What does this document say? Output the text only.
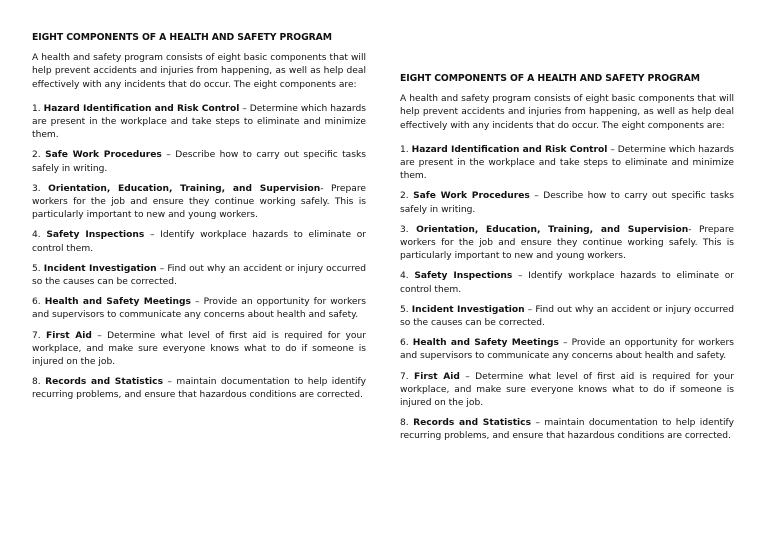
EIGHT COMPONENTS OF A HEALTH AND SAFETY PROGRAM

A health and safety program consists of eight basic components that will help prevent accidents and injuries from happening, as well as help deal effectively with any incidents that do occur. The eight components are:

1. Hazard Identification and Risk Control – Determine which hazards are present in the workplace and take steps to eliminate and minimize them.

2. Safe Work Procedures – Describe how to carry out specific tasks safely in writing.

3. Orientation, Education, Training, and Supervision- Prepare workers for the job and ensure they continue working safely. This is particularly important to new and young workers.

4. Safety Inspections – Identify workplace hazards to eliminate or control them.

5. Incident Investigation – Find out why an accident or injury occurred so the causes can be corrected.

6. Health and Safety Meetings – Provide an opportunity for workers and supervisors to communicate any concerns about health and safety.

7. First Aid – Determine what level of first aid is required for your workplace, and make sure everyone knows what to do if someone is injured on the job.

8. Records and Statistics – maintain documentation to help identify recurring problems, and ensure that hazardous conditions are corrected.

EIGHT COMPONENTS OF A HEALTH AND SAFETY PROGRAM

A health and safety program consists of eight basic components that will help prevent accidents and injuries from happening, as well as help deal effectively with any incidents that do occur. The eight components are:

1. Hazard Identification and Risk Control – Determine which hazards are present in the workplace and take steps to eliminate and minimize them.

2. Safe Work Procedures – Describe how to carry out specific tasks safely in writing.

3. Orientation, Education, Training, and Supervision- Prepare workers for the job and ensure they continue working safely. This is particularly important to new and young workers.

4. Safety Inspections – Identify workplace hazards to eliminate or control them.

5. Incident Investigation – Find out why an accident or injury occurred so the causes can be corrected.

6. Health and Safety Meetings – Provide an opportunity for workers and supervisors to communicate any concerns about health and safety.

7. First Aid – Determine what level of first aid is required for your workplace, and make sure everyone knows what to do if someone is injured on the job.

8. Records and Statistics – maintain documentation to help identify recurring problems, and ensure that hazardous conditions are corrected.
